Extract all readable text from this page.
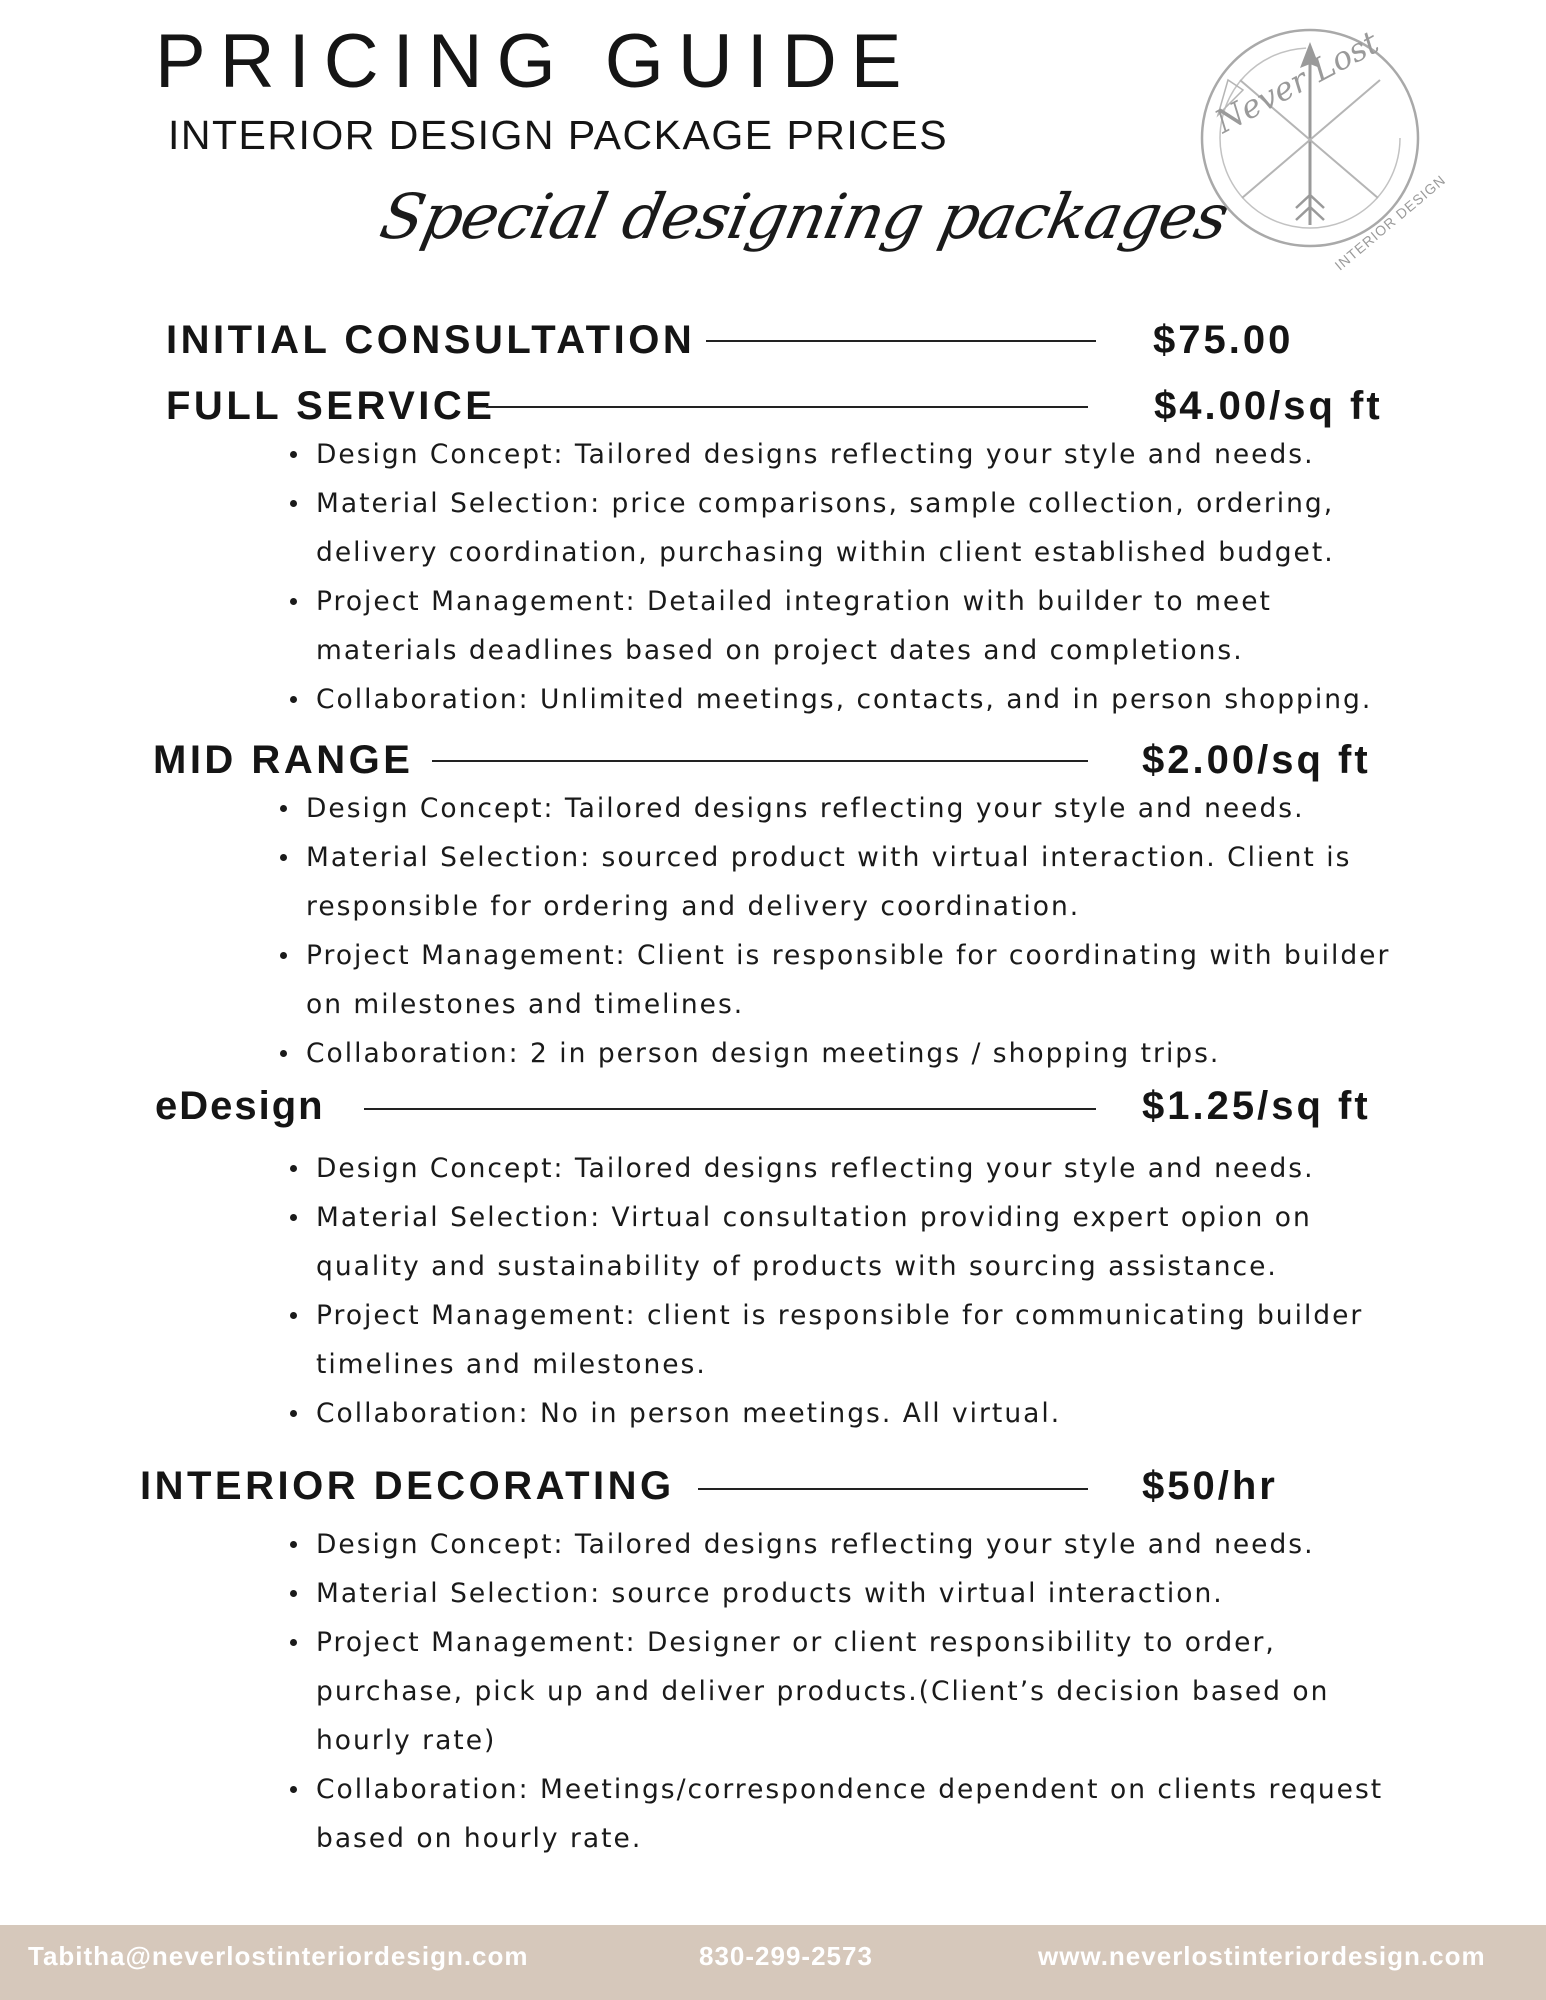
PRICING GUIDE
INTERIOR DESIGN PACKAGE PRICES
Special designing packages
Never Lost
INTERIOR DESIGN
INITIAL CONSULTATION	$75.00
FULL SERVICE	$4.00/sq ft
Design Concept: Tailored designs reflecting your style and needs.
Material Selection: price comparisons, sample collection, ordering, delivery coordination, purchasing within client established budget.
Project Management: Detailed integration with builder to meet materials deadlines based on project dates and completions.
Collaboration: Unlimited meetings, contacts, and in person shopping.
MID RANGE	$2.00/sq ft
Design Concept: Tailored designs reflecting your style and needs.
Material Selection: sourced product with virtual interaction. Client is responsible for ordering and delivery coordination.
Project Management: Client is responsible for coordinating with builder on milestones and timelines.
Collaboration: 2 in person design meetings / shopping trips.
eDesign	$1.25/sq ft
Design Concept: Tailored designs reflecting your style and needs.
Material Selection: Virtual consultation providing expert opion on quality and sustainability of products with sourcing assistance.
Project Management: client is responsible for communicating builder timelines and milestones.
Collaboration: No in person meetings. All virtual.
INTERIOR DECORATING	$50/hr
Design Concept: Tailored designs reflecting your style and needs.
Material Selection: source products with virtual interaction.
Project Management: Designer or client responsibility to order, purchase, pick up and deliver products.(Client’s decision based on hourly rate)
Collaboration: Meetings/correspondence dependent on clients request based on hourly rate.
Tabitha@neverlostinteriordesign.com	830-299-2573	www.neverlostinteriordesign.com
